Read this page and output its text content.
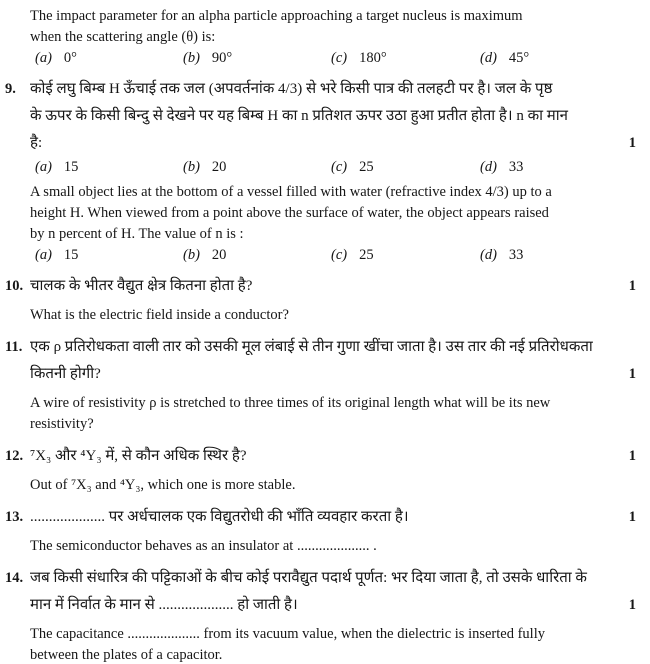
The impact parameter for an alpha particle approaching a target nucleus is maximum
when the scattering angle (θ) is:
(a) 0°	(b) 90°	(c) 180°	(d) 45°
9. कोई लघु बिम्ब H ऊँचाई तक जल (अपवर्तनांक 4/3) से भरे किसी पात्र की तलहटी पर है। जल के पृष्ठ
के ऊपर के किसी बिन्दु से देखने पर यह बिम्ब H का n प्रतिशत ऊपर उठा हुआ प्रतीत होता है। n का मान
है:	1
(a) 15	(b) 20	(c) 25	(d) 33
A small object lies at the bottom of a vessel filled with water (refractive index 4/3) up to a
height H. When viewed from a point above the surface of water, the object appears raised
by n percent of H. The value of n is :
(a) 15	(b) 20	(c) 25	(d) 33
10. चालक के भीतर वैद्युत क्षेत्र कितना होता है?	1
What is the electric field inside a conductor?
11. एक ρ प्रतिरोधकता वाली तार को उसकी मूल लंबाई से तीन गुणा खींचा जाता है। उस तार की नई प्रतिरोधकता
कितनी होगी?	1
A wire of resistivity ρ is stretched to three times of its original length what will be its new
resistivity?
12. ⁷X₃ और ⁴Y₃ में, से कौन अधिक स्थिर है?	1
Out of ⁷X₃ and ⁴Y₃, which one is more stable.
13. .................... पर अर्धचालक एक विद्युतरोधी की भाँति व्यवहार करता है।	1
The semiconductor behaves as an insulator at .................... .
14. जब किसी संधारित्र की पट्टिकाओं के बीच कोई परावैद्युत पदार्थ पूर्णत: भर दिया जाता है, तो उसके धारिता के
मान में निर्वात के मान से .................... हो जाती है।	1
The capacitance .................... from its vacuum value, when the dielectric is inserted fully
between the plates of a capacitor.
